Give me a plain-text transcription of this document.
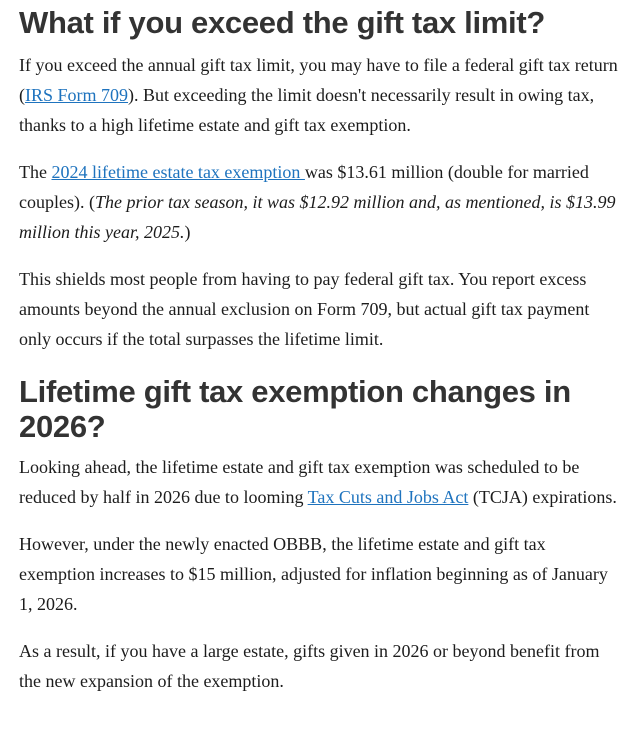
What if you exceed the gift tax limit?

If you exceed the annual gift tax limit, you may have to file a federal gift tax return (IRS Form 709). But exceeding the limit doesn't necessarily result in owing tax, thanks to a high lifetime estate and gift tax exemption.

The 2024 lifetime estate tax exemption was $13.61 million (double for married couples). (The prior tax season, it was $12.92 million and, as mentioned, is $13.99 million this year, 2025.)

This shields most people from having to pay federal gift tax. You report excess amounts beyond the annual exclusion on Form 709, but actual gift tax payment only occurs if the total surpasses the lifetime limit.

Lifetime gift tax exemption changes in 2026?

Looking ahead, the lifetime estate and gift tax exemption was scheduled to be reduced by half in 2026 due to looming Tax Cuts and Jobs Act (TCJA) expirations.

However, under the newly enacted OBBB, the lifetime estate and gift tax exemption increases to $15 million, adjusted for inflation beginning as of January 1, 2026.

As a result, if you have a large estate, gifts given in 2026 or beyond benefit from the new expansion of the exemption.
